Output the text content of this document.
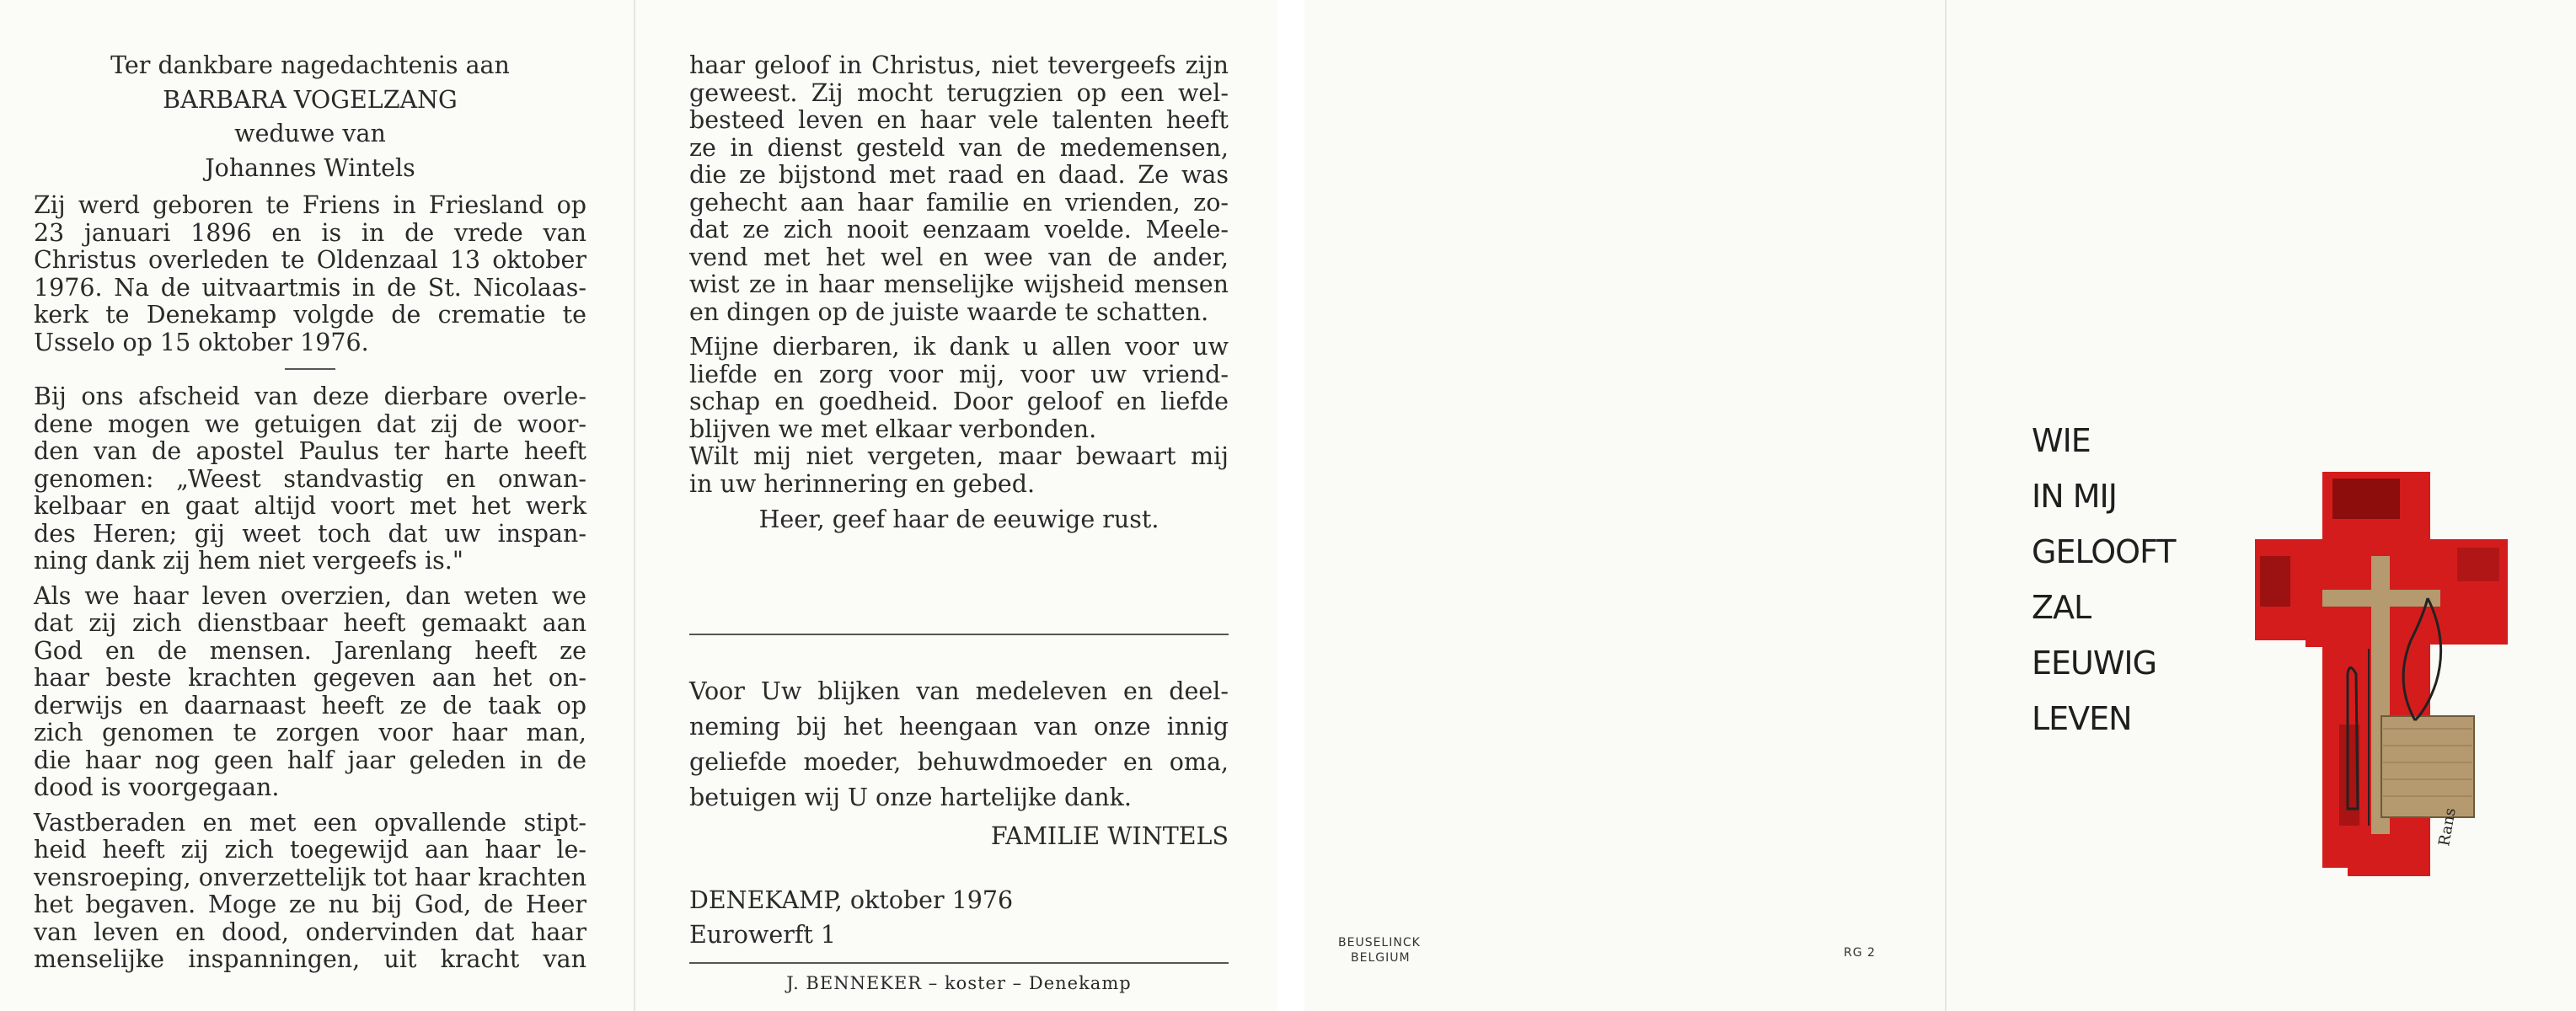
Ter dankbare nagedachtenis aan
BARBARA VOGELZANG
weduwe van
Johannes Wintels
Zij werd geboren te Friens in Friesland op
23 januari 1896 en is in de vrede van
Christus overleden te Oldenzaal 13 oktober
1976. Na de uitvaartmis in de St. Nicolaas-
kerk te Denekamp volgde de crematie te
Usselo op 15 oktober 1976.
Bij ons afscheid van deze dierbare overle-
dene mogen we getuigen dat zij de woor-
den van de apostel Paulus ter harte heeft
genomen: „Weest standvastig en onwan-
kelbaar en gaat altijd voort met het werk
des Heren; gij weet toch dat uw inspan-
ning dank zij hem niet vergeefs is."
Als we haar leven overzien, dan weten we
dat zij zich dienstbaar heeft gemaakt aan
God en de mensen. Jarenlang heeft ze
haar beste krachten gegeven aan het on-
derwijs en daarnaast heeft ze de taak op
zich genomen te zorgen voor haar man,
die haar nog geen half jaar geleden in de
dood is voorgegaan.
Vastberaden en met een opvallende stipt-
heid heeft zij zich toegewijd aan haar le-
vensroeping, onverzettelijk tot haar krachten
het begaven. Moge ze nu bij God, de Heer
van leven en dood, ondervinden dat haar
menselijke inspanningen, uit kracht van
haar geloof in Christus, niet tevergeefs zijn
geweest. Zij mocht terugzien op een wel-
besteed leven en haar vele talenten heeft
ze in dienst gesteld van de medemensen,
die ze bijstond met raad en daad. Ze was
gehecht aan haar familie en vrienden, zo-
dat ze zich nooit eenzaam voelde. Meele-
vend met het wel en wee van de ander,
wist ze in haar menselijke wijsheid mensen
en dingen op de juiste waarde te schatten.
Mijne dierbaren, ik dank u allen voor uw
liefde en zorg voor mij, voor uw vriend-
schap en goedheid. Door geloof en liefde
blijven we met elkaar verbonden.
Wilt mij niet vergeten, maar bewaart mij
in uw herinnering en gebed.
Heer, geef haar de eeuwige rust.
Voor Uw blijken van medeleven en deel-
neming bij het heengaan van onze innig
geliefde moeder, behuwdmoeder en oma,
betuigen wij U onze hartelijke dank.
FAMILIE WINTELS
DENEKAMP, oktober 1976
Eurowerft 1
J. BENNEKER – koster – Denekamp
BEUSELINCK
BELGIUM	RG 2
WIE
IN MIJ
GELOOFT
ZAL
EEUWIG
LEVEN
Rans
